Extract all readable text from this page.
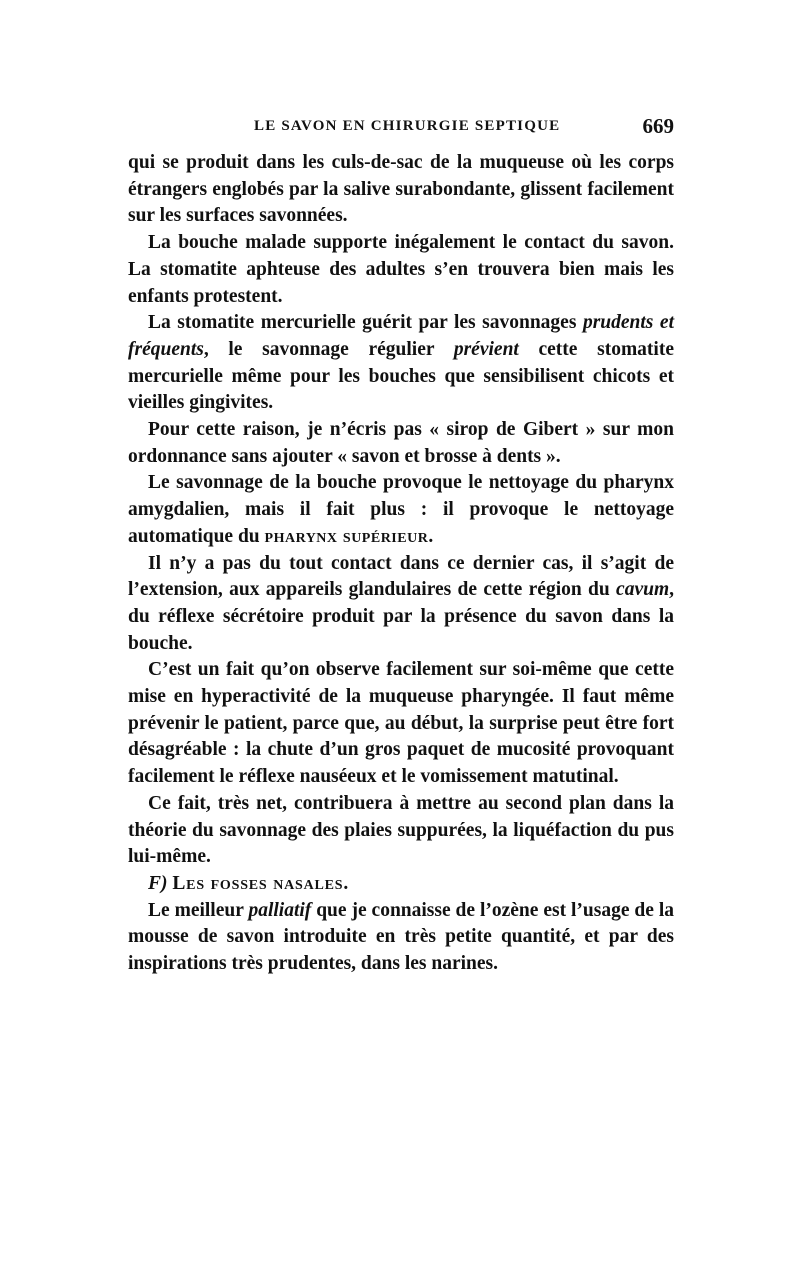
LE SAVON EN CHIRURGIE SEPTIQUE	669

qui se produit dans les culs-de-sac de la muqueuse où les corps étrangers englobés par la salive surabondante, glissent facilement sur les surfaces savonnées.

La bouche malade supporte inégalement le contact du savon. La stomatite aphteuse des adultes s’en trouvera bien mais les enfants protestent.

La stomatite mercurielle guérit par les savonnages prudents et fréquents, le savonnage régulier prévient cette stomatite mercurielle même pour les bouches que sensibilisent chicots et vieilles gingivites.

Pour cette raison, je n’écris pas « sirop de Gibert » sur mon ordonnance sans ajouter « savon et brosse à dents ».

Le savonnage de la bouche provoque le nettoyage du pharynx amygdalien, mais il fait plus : il provoque le nettoyage automatique du pharynx supérieur.

Il n’y a pas du tout contact dans ce dernier cas, il s’agit de l’extension, aux appareils glandulaires de cette région du cavum, du réflexe sécrétoire produit par la présence du savon dans la bouche.

C’est un fait qu’on observe facilement sur soi-même que cette mise en hyperactivité de la muqueuse pharyngée. Il faut même prévenir le patient, parce que, au début, la surprise peut être fort désagréable : la chute d’un gros paquet de mucosité provoquant facilement le réflexe nauséeux et le vomissement matutinal.

Ce fait, très net, contribuera à mettre au second plan dans la théorie du savonnage des plaies suppurées, la liquéfaction du pus lui-même.

F) Les fosses nasales.

Le meilleur palliatif que je connaisse de l’ozène est l’usage de la mousse de savon introduite en très petite quantité, et par des inspirations très prudentes, dans les narines.
